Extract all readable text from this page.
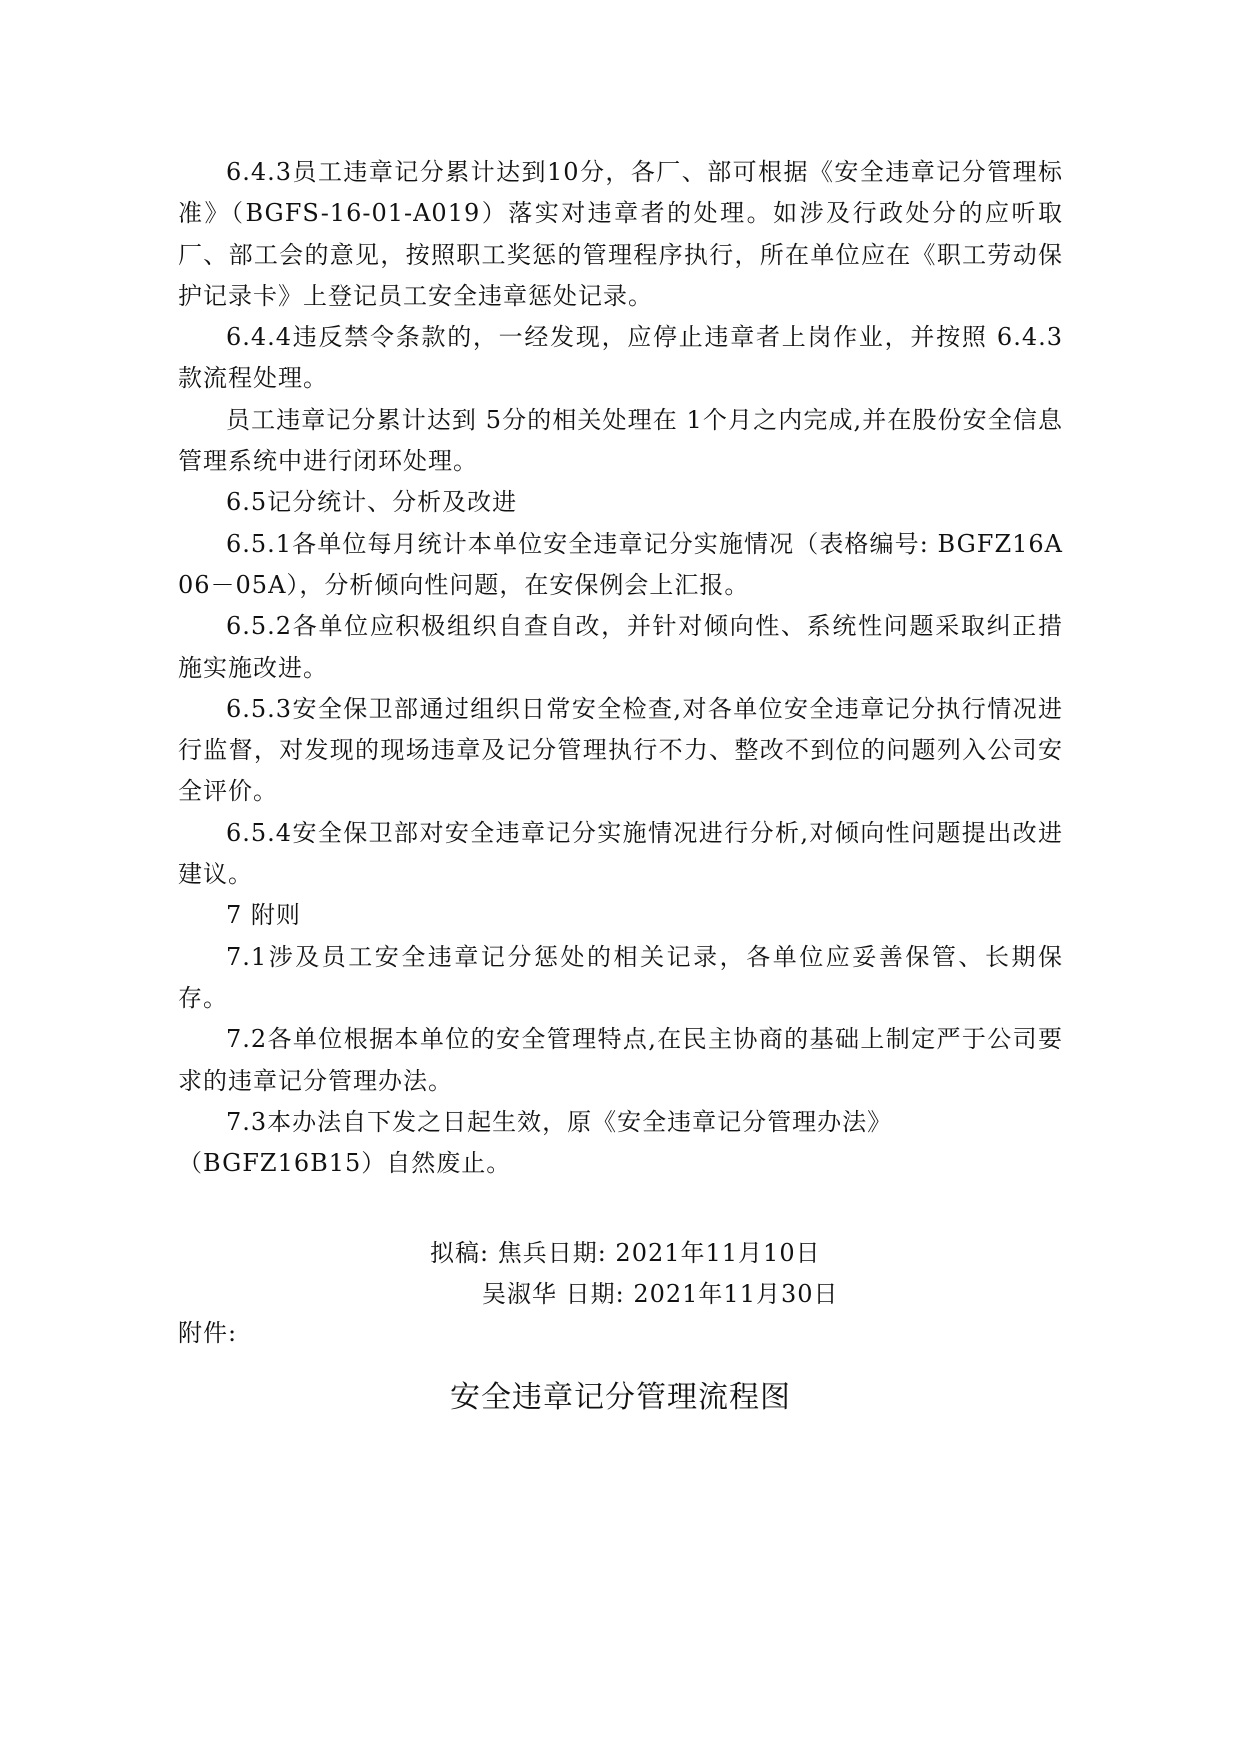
6.4.3员工违章记分累计达到10分，各厂、部可根据《安全违章记分管理标准》（BGFS-16-01-A019）落实对违章者的处理。如涉及行政处分的应听取厂、部工会的意见，按照职工奖惩的管理程序执行，所在单位应在《职工劳动保护记录卡》上登记员工安全违章惩处记录。

6.4.4违反禁令条款的，一经发现，应停止违章者上岗作业，并按照 6.4.3款流程处理。

员工违章记分累计达到 5分的相关处理在 1个月之内完成,并在股份安全信息管理系统中进行闭环处理。

6.5记分统计、分析及改进

6.5.1各单位每月统计本单位安全违章记分实施情况（表格编号: BGFZ16A06－05A），分析倾向性问题，在安保例会上汇报。

6.5.2各单位应积极组织自查自改，并针对倾向性、系统性问题采取纠正措施实施改进。

6.5.3安全保卫部通过组织日常安全检查,对各单位安全违章记分执行情况进行监督，对发现的现场违章及记分管理执行不力、整改不到位的问题列入公司安全评价。

6.5.4安全保卫部对安全违章记分实施情况进行分析,对倾向性问题提出改进建议。

7 附则

7.1涉及员工安全违章记分惩处的相关记录，各单位应妥善保管、长期保存。

7.2各单位根据本单位的安全管理特点,在民主协商的基础上制定严于公司要求的违章记分管理办法。

7.3本办法自下发之日起生效，原《安全违章记分管理办法》

（BGFZ16B15）自然废止。

拟稿: 焦兵日期: 2021年11月10日
吴淑华 日期: 2021年11月30日
附件:
安全违章记分管理流程图
